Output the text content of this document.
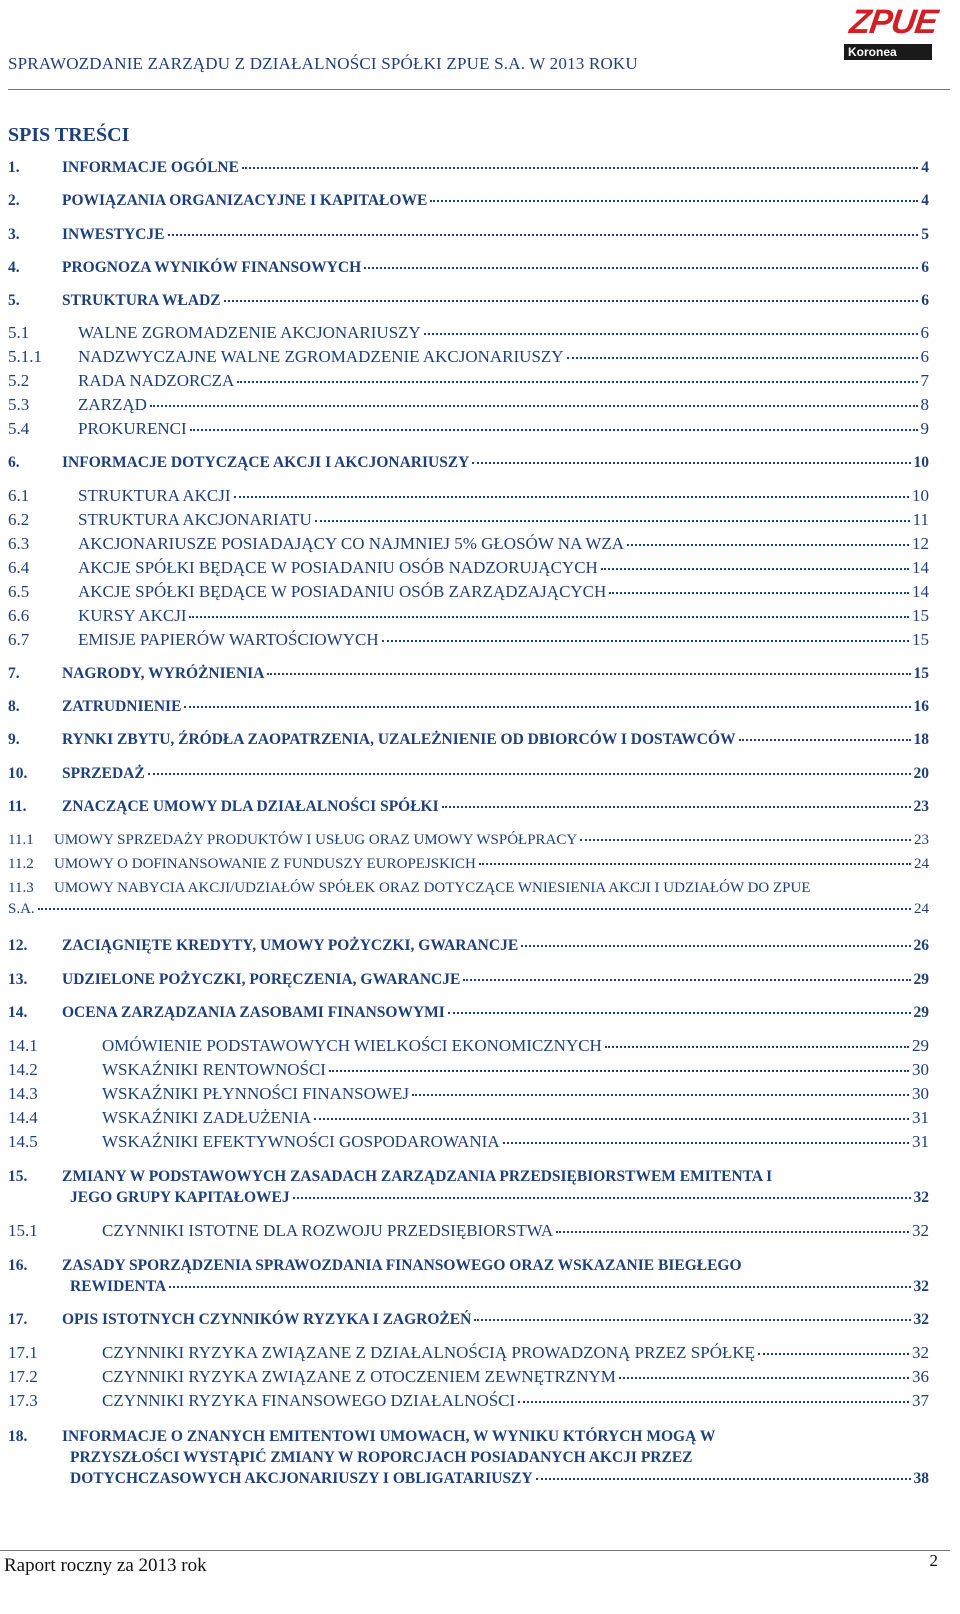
SPRAWOZDANIE ZARZĄDU Z DZIAŁALNOŚCI SPÓŁKI ZPUE S.A. W 2013 ROKU
ZPUE
Koronea
SPIS TREŚCI
1.	INFORMACJE OGÓLNE	4
2.	POWIĄZANIA ORGANIZACYJNE I KAPITAŁOWE	4
3.	INWESTYCJE	5
4.	PROGNOZA WYNIKÓW FINANSOWYCH	6
5.	STRUKTURA WŁADZ	6
5.1	WALNE ZGROMADZENIE AKCJONARIUSZY	6
5.1.1	NADZWYCZAJNE WALNE ZGROMADZENIE AKCJONARIUSZY	6
5.2	RADA NADZORCZA	7
5.3	ZARZĄD	8
5.4	PROKURENCI	9
6.	INFORMACJE DOTYCZĄCE AKCJI I AKCJONARIUSZY	10
6.1	STRUKTURA AKCJI	10
6.2	STRUKTURA AKCJONARIATU	11
6.3	AKCJONARIUSZE POSIADAJĄCY CO NAJMNIEJ 5% GŁOSÓW NA WZA	12
6.4	AKCJE SPÓŁKI BĘDĄCE W POSIADANIU OSÓB NADZORUJĄCYCH	14
6.5	AKCJE SPÓŁKI BĘDĄCE W POSIADANIU OSÓB ZARZĄDZAJĄCYCH	14
6.6	KURSY AKCJI	15
6.7	EMISJE PAPIERÓW WARTOŚCIOWYCH	15
7.	NAGRODY, WYRÓŻNIENIA	15
8.	ZATRUDNIENIE	16
9.	RYNKI ZBYTU, ŹRÓDŁA ZAOPATRZENIA, UZALEŻNIENIE OD DBIORCÓW I DOSTAWCÓW	18
10.	SPRZEDAŻ	20
11.	ZNACZĄCE UMOWY DLA DZIAŁALNOŚCI SPÓŁKI	23
11.1	UMOWY SPRZEDAŻY PRODUKTÓW I USŁUG ORAZ UMOWY WSPÓŁPRACY	23
11.2	UMOWY O DOFINANSOWANIE Z FUNDUSZY EUROPEJSKICH	24
11.3 UMOWY NABYCIA AKCJI/UDZIAŁÓW SPÓŁEK ORAZ DOTYCZĄCE WNIESIENIA AKCJI I UDZIAŁÓW DO ZPUE
S.A.	24
12.	ZACIĄGNIĘTE KREDYTY, UMOWY POŻYCZKI, GWARANCJE	26
13.	UDZIELONE POŻYCZKI, PORĘCZENIA, GWARANCJE	29
14.	OCENA ZARZĄDZANIA ZASOBAMI FINANSOWYMI	29
14.1	OMÓWIENIE PODSTAWOWYCH WIELKOŚCI EKONOMICZNYCH	29
14.2	WSKAŹNIKI RENTOWNOŚCI	30
14.3	WSKAŹNIKI PŁYNNOŚCI FINANSOWEJ	30
14.4	WSKAŹNIKI ZADŁUŻENIA	31
14.5	WSKAŹNIKI EFEKTYWNOŚCI GOSPODAROWANIA	31
15. ZMIANY W PODSTAWOWYCH ZASADACH ZARZĄDZANIA PRZEDSIĘBIORSTWEM EMITENTA I
JEGO GRUPY KAPITAŁOWEJ	32
15.1	CZYNNIKI ISTOTNE DLA ROZWOJU PRZEDSIĘBIORSTWA	32
16. ZASADY SPORZĄDZENIA SPRAWOZDANIA FINANSOWEGO ORAZ WSKAZANIE BIEGŁEGO
REWIDENTA	32
17.	OPIS ISTOTNYCH CZYNNIKÓW RYZYKA I ZAGROŻEŃ	32
17.1	CZYNNIKI RYZYKA ZWIĄZANE Z DZIAŁALNOŚCIĄ PROWADZONĄ PRZEZ SPÓŁKĘ	32
17.2	CZYNNIKI RYZYKA ZWIĄZANE Z OTOCZENIEM ZEWNĘTRZNYM	36
17.3	CZYNNIKI RYZYKA FINANSOWEGO DZIAŁALNOŚCI	37
18. INFORMACJE O ZNANYCH EMITENTOWI UMOWACH, W WYNIKU KTÓRYCH MOGĄ W
PRZYSZŁOŚCI WYSTĄPIĆ ZMIANY W ROPORCJACH POSIADANYCH AKCJI PRZEZ
DOTYCHCZASOWYCH AKCJONARIUSZY I OBLIGATARIUSZY	38
Raport roczny za 2013 rok	2
